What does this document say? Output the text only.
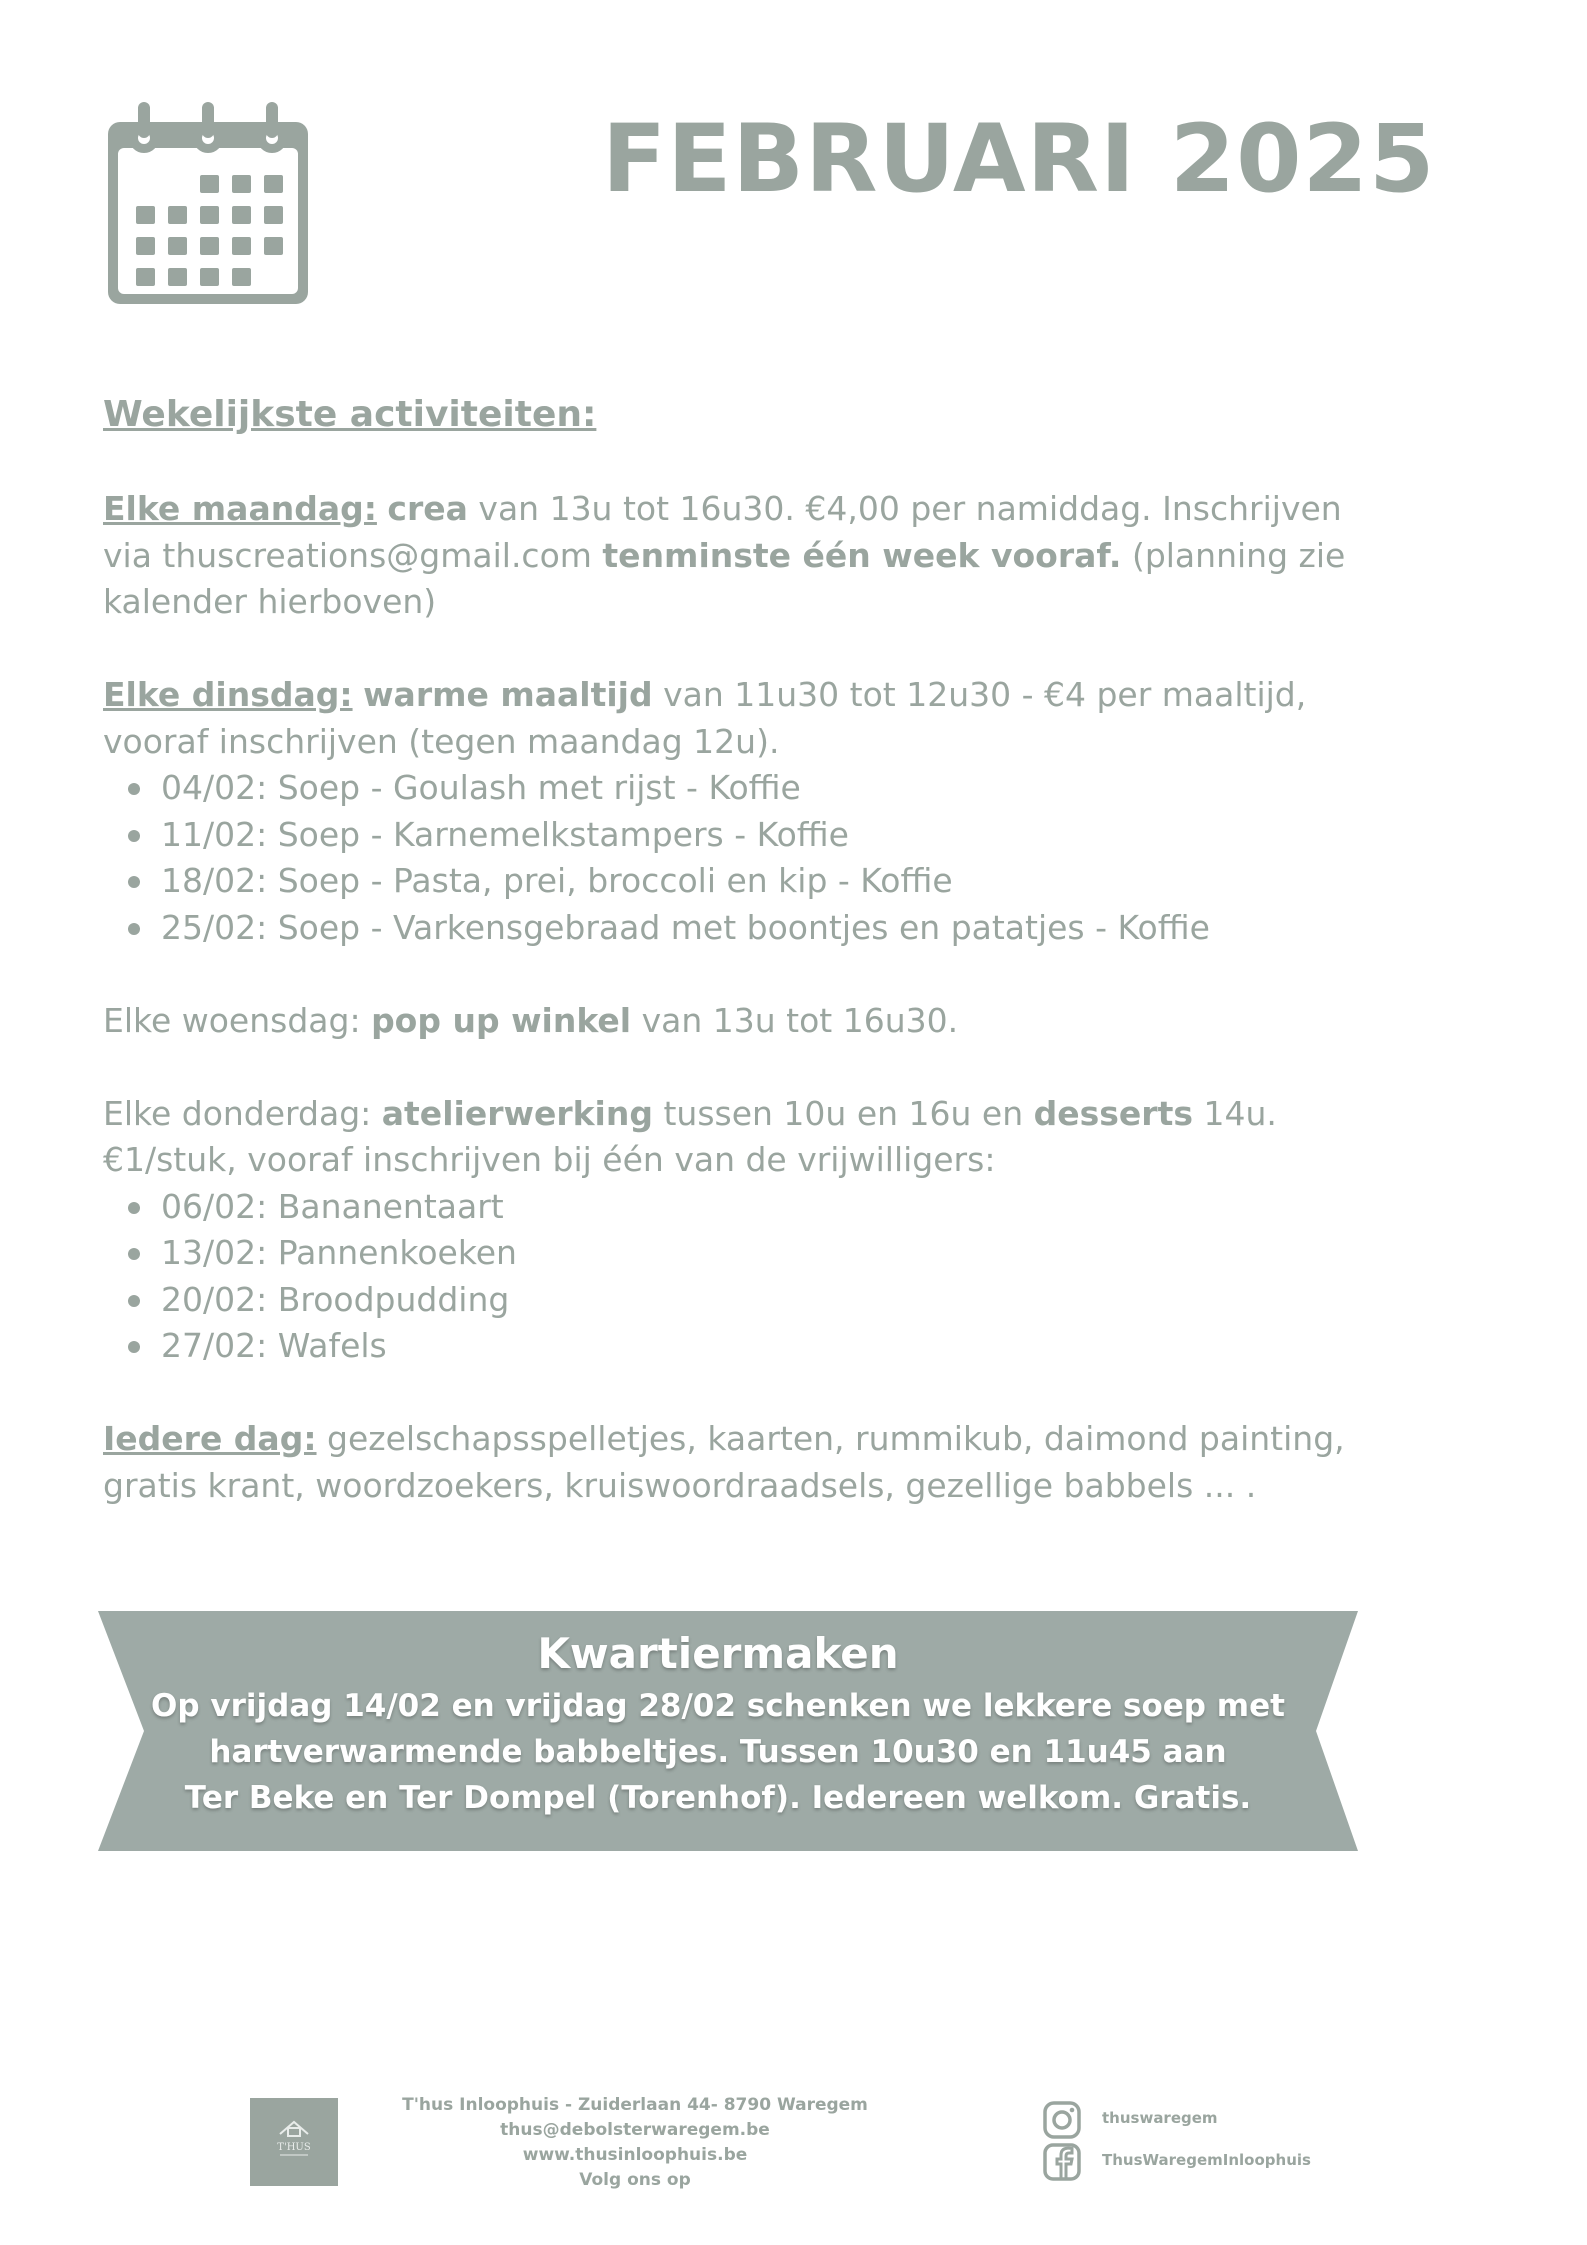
FEBRUARI 2025

Wekelijkste activiteiten:

Elke maandag: crea van 13u tot 16u30. €4,00 per namiddag. Inschrijven via thuscreations@gmail.com tenminste één week vooraf. (planning zie kalender hierboven)

Elke dinsdag: warme maaltijd van 11u30 tot 12u30 - €4 per maaltijd, vooraf inschrijven (tegen maandag 12u).

04/02: Soep - Goulash met rijst - Koffie
11/02: Soep - Karnemelkstampers - Koffie
18/02: Soep - Pasta, prei, broccoli en kip - Koffie
25/02: Soep - Varkensgebraad met boontjes en patatjes - Koffie

Elke woensdag: pop up winkel van 13u tot 16u30.

Elke donderdag: atelierwerking tussen 10u en 16u en desserts 14u. €1/stuk, vooraf inschrijven bij één van de vrijwilligers:

06/02: Bananentaart
13/02: Pannenkoeken
20/02: Broodpudding
27/02: Wafels

Iedere dag: gezelschapsspelletjes, kaarten, rummikub, daimond painting, gratis krant, woordzoekers, kruiswoordraadsels, gezellige babbels ... .

Kwartiermaken
Op vrijdag 14/02 en vrijdag 28/02 schenken we lekkere soep met
hartverwarmende babbeltjes. Tussen 10u30 en 11u45 aan
Ter Beke en Ter Dompel (Torenhof). Iedereen welkom. Gratis.
T'HUS
T'hus Inloophuis - Zuiderlaan 44- 8790 Waregem
thus@debolsterwaregem.be
www.thusinloophuis.be
Volg ons op
thuswaregem
ThusWaregemInloophuis
